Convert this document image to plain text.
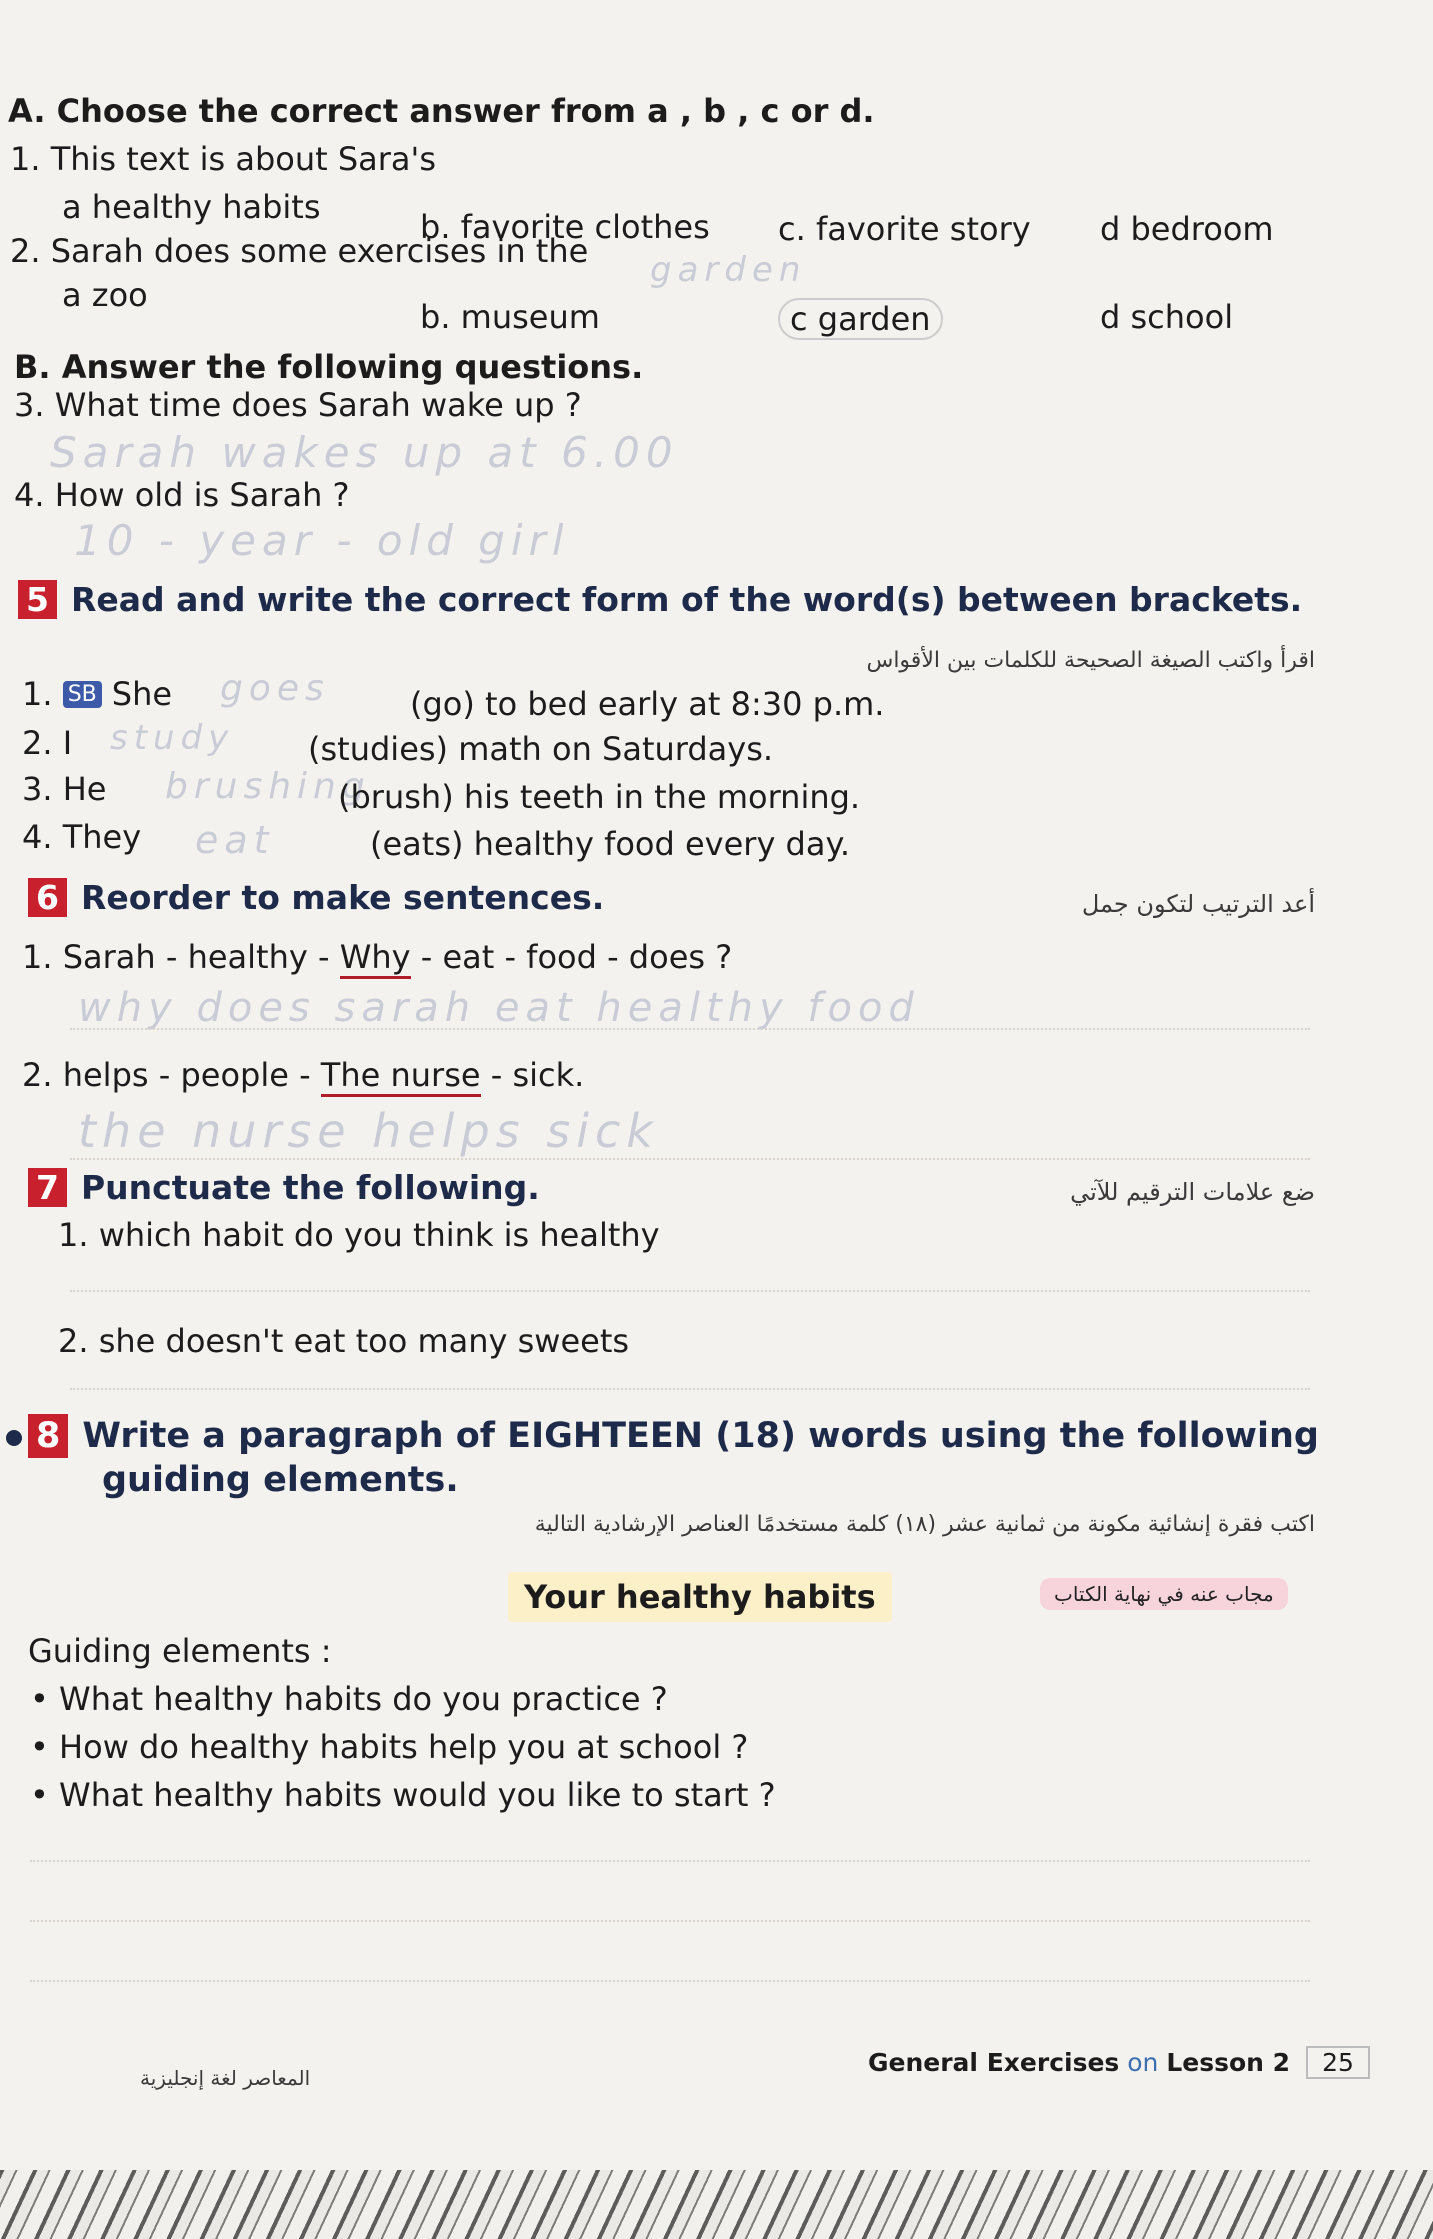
A. Choose the correct answer from a , b , c or d.
1. This text is about Sara's
a healthy habits
b. favorite clothes c. favorite story d bedroom
2. Sarah does some exercises in the garden
a zoo
b. museum	c garden	d school
B. Answer the following questions.
3. What time does Sarah wake up ?
Sarah wakes up at 6.00
4. How old is Sarah ?
10 - year - old girl
5 Read and write the correct form of the word(s) between brackets.
اقرأ واكتب الصيغة الصحيحة للكلمات بين الأقواس
1. SB She goes	(go) to bed early at 8:30 p.m.
2. I study (studies) math on Saturdays.
3. He brushing
(brush) his teeth in the morning.
4. They eat	(eats) healthy food every day.
6 Reorder to make sentences.	أعد الترتيب لتكون جمل
1. Sarah - healthy - Why - eat - food - does ?
why does sarah eat healthy food
2. helps - people - The nurse - sick.
the nurse helps sick
7 Punctuate the following.	ضع علامات الترقيم للآتي
1. which habit do you think is healthy
2. she doesn't eat too many sweets
8 Write a paragraph of EIGHTEEN (18) words using the following
guiding elements.
اكتب فقرة إنشائية مكونة من ثمانية عشر (١٨) كلمة مستخدمًا العناصر الإرشادية التالية
Your healthy habits	مجاب عنه في نهاية الكتاب
Guiding elements :
• What healthy habits do you practice ?
• How do healthy habits help you at school ?
• What healthy habits would you like to start ?
General Exercises on Lesson 2 25
المعاصر لغة إنجليزية
